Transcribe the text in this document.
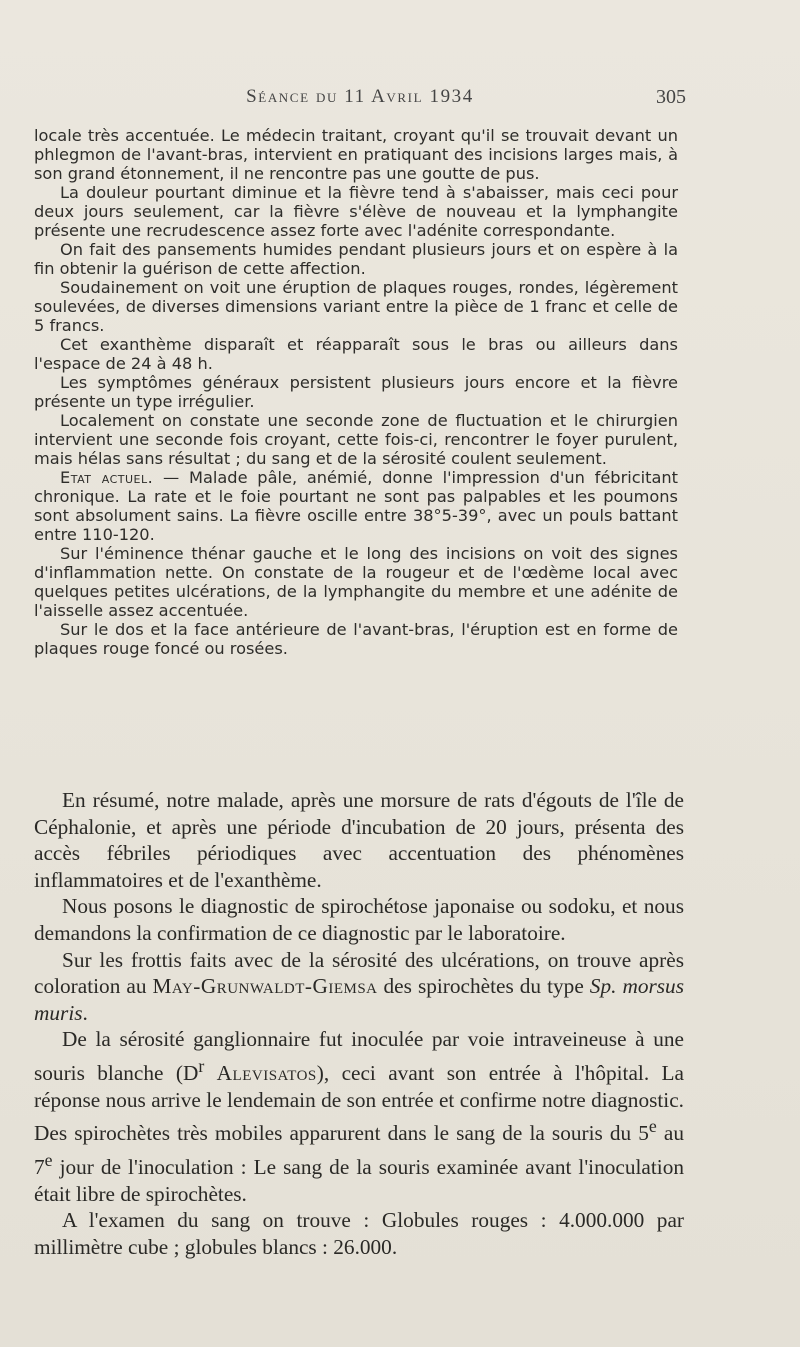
Séance du 11 Avril 1934	305

locale très accentuée. Le médecin traitant, croyant qu'il se trouvait devant un phlegmon de l'avant-bras, intervient en pratiquant des incisions larges mais, à son grand étonnement, il ne rencontre pas une goutte de pus.

La douleur pourtant diminue et la fièvre tend à s'abaisser, mais ceci pour deux jours seulement, car la fièvre s'élève de nouveau et la lymphangite présente une recrudescence assez forte avec l'adénite correspondante.

On fait des pansements humides pendant plusieurs jours et on espère à la fin obtenir la guérison de cette affection.

Soudainement on voit une éruption de plaques rouges, rondes, légèrement soulevées, de diverses dimensions variant entre la pièce de 1 franc et celle de 5 francs.

Cet exanthème disparaît et réapparaît sous le bras ou ailleurs dans l'espace de 24 à 48 h.

Les symptômes généraux persistent plusieurs jours encore et la fièvre présente un type irrégulier.

Localement on constate une seconde zone de fluctuation et le chirurgien intervient une seconde fois croyant, cette fois-ci, rencontrer le foyer purulent, mais hélas sans résultat ; du sang et de la sérosité coulent seulement.

Etat actuel. — Malade pâle, anémié, donne l'impression d'un fébricitant chronique. La rate et le foie pourtant ne sont pas palpables et les poumons sont absolument sains. La fièvre oscille entre 38°5-39°, avec un pouls battant entre 110-120.

Sur l'éminence thénar gauche et le long des incisions on voit des signes d'inflammation nette. On constate de la rougeur et de l'œdème local avec quelques petites ulcérations, de la lymphangite du membre et une adénite de l'aisselle assez accentuée.

Sur le dos et la face antérieure de l'avant-bras, l'éruption est en forme de plaques rouge foncé ou rosées.

En résumé, notre malade, après une morsure de rats d'égouts de l'île de Céphalonie, et après une période d'incubation de 20 jours, présenta des accès fébriles périodiques avec accentuation des phénomènes inflammatoires et de l'exanthème.

Nous posons le diagnostic de spirochétose japonaise ou sodoku, et nous demandons la confirmation de ce diagnostic par le laboratoire.

Sur les frottis faits avec de la sérosité des ulcérations, on trouve après coloration au May-Grunwaldt-Giemsa des spirochètes du type Sp. morsus muris.

De la sérosité ganglionnaire fut inoculée par voie intraveineuse à une souris blanche ($D^r$ Alevisatos), ceci avant son entrée à l'hôpital. La réponse nous arrive le lendemain de son entrée et confirme notre diagnostic. Des spirochètes très mobiles apparurent dans le sang de la souris du 5e au 7e jour de l'inoculation : Le sang de la souris examinée avant l'inoculation était libre de spirochètes.

A l'examen du sang on trouve : Globules rouges : 4.000.000 par millimètre cube ; globules blancs : 26.000.
